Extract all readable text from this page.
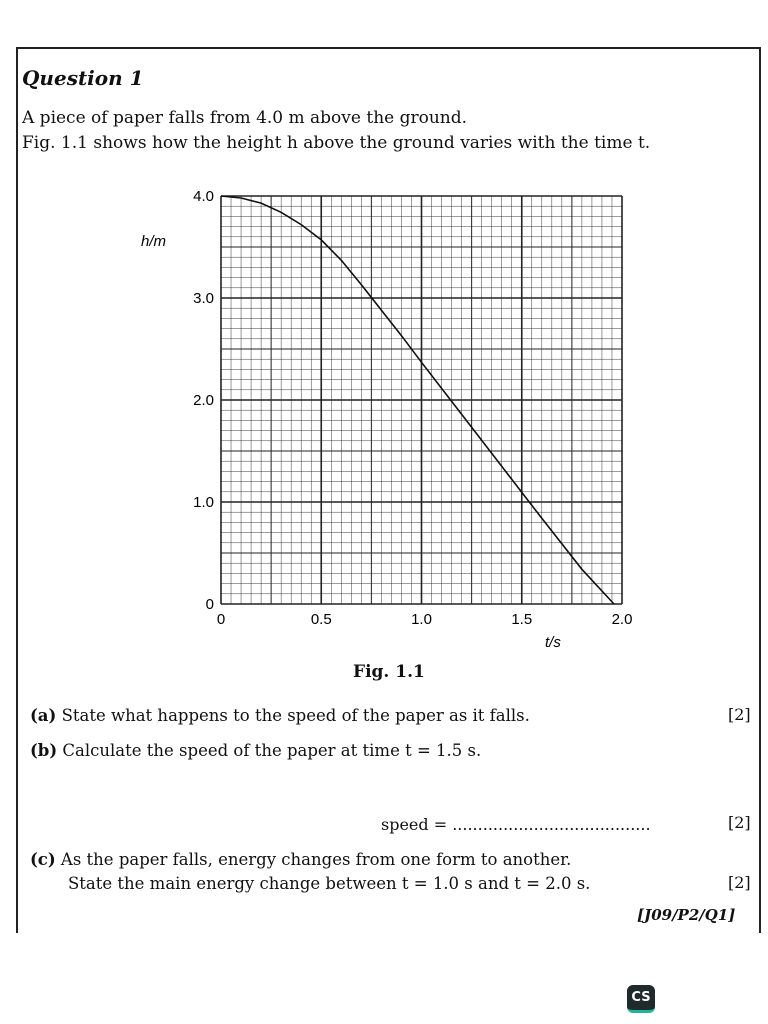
Question 1
A piece of paper falls from 4.0 m above the ground.
Fig. 1.1 shows how the height h above the ground varies with the time t.
0	0.5	1.0	1.5	2.0
0
1.0
2.0
3.0
4.0
h/m
t/s
Fig. 1.1
(a) State what happens to the speed of the paper as it falls.	[2]
(b) Calculate the speed of the paper at time t = 1.5 s.
speed = .......................................	[2]
(c) As the paper falls, energy changes from one form to another.
State the main energy change between t = 1.0 s and t = 2.0 s.	[2]
[J09/P2/Q1]
CS
